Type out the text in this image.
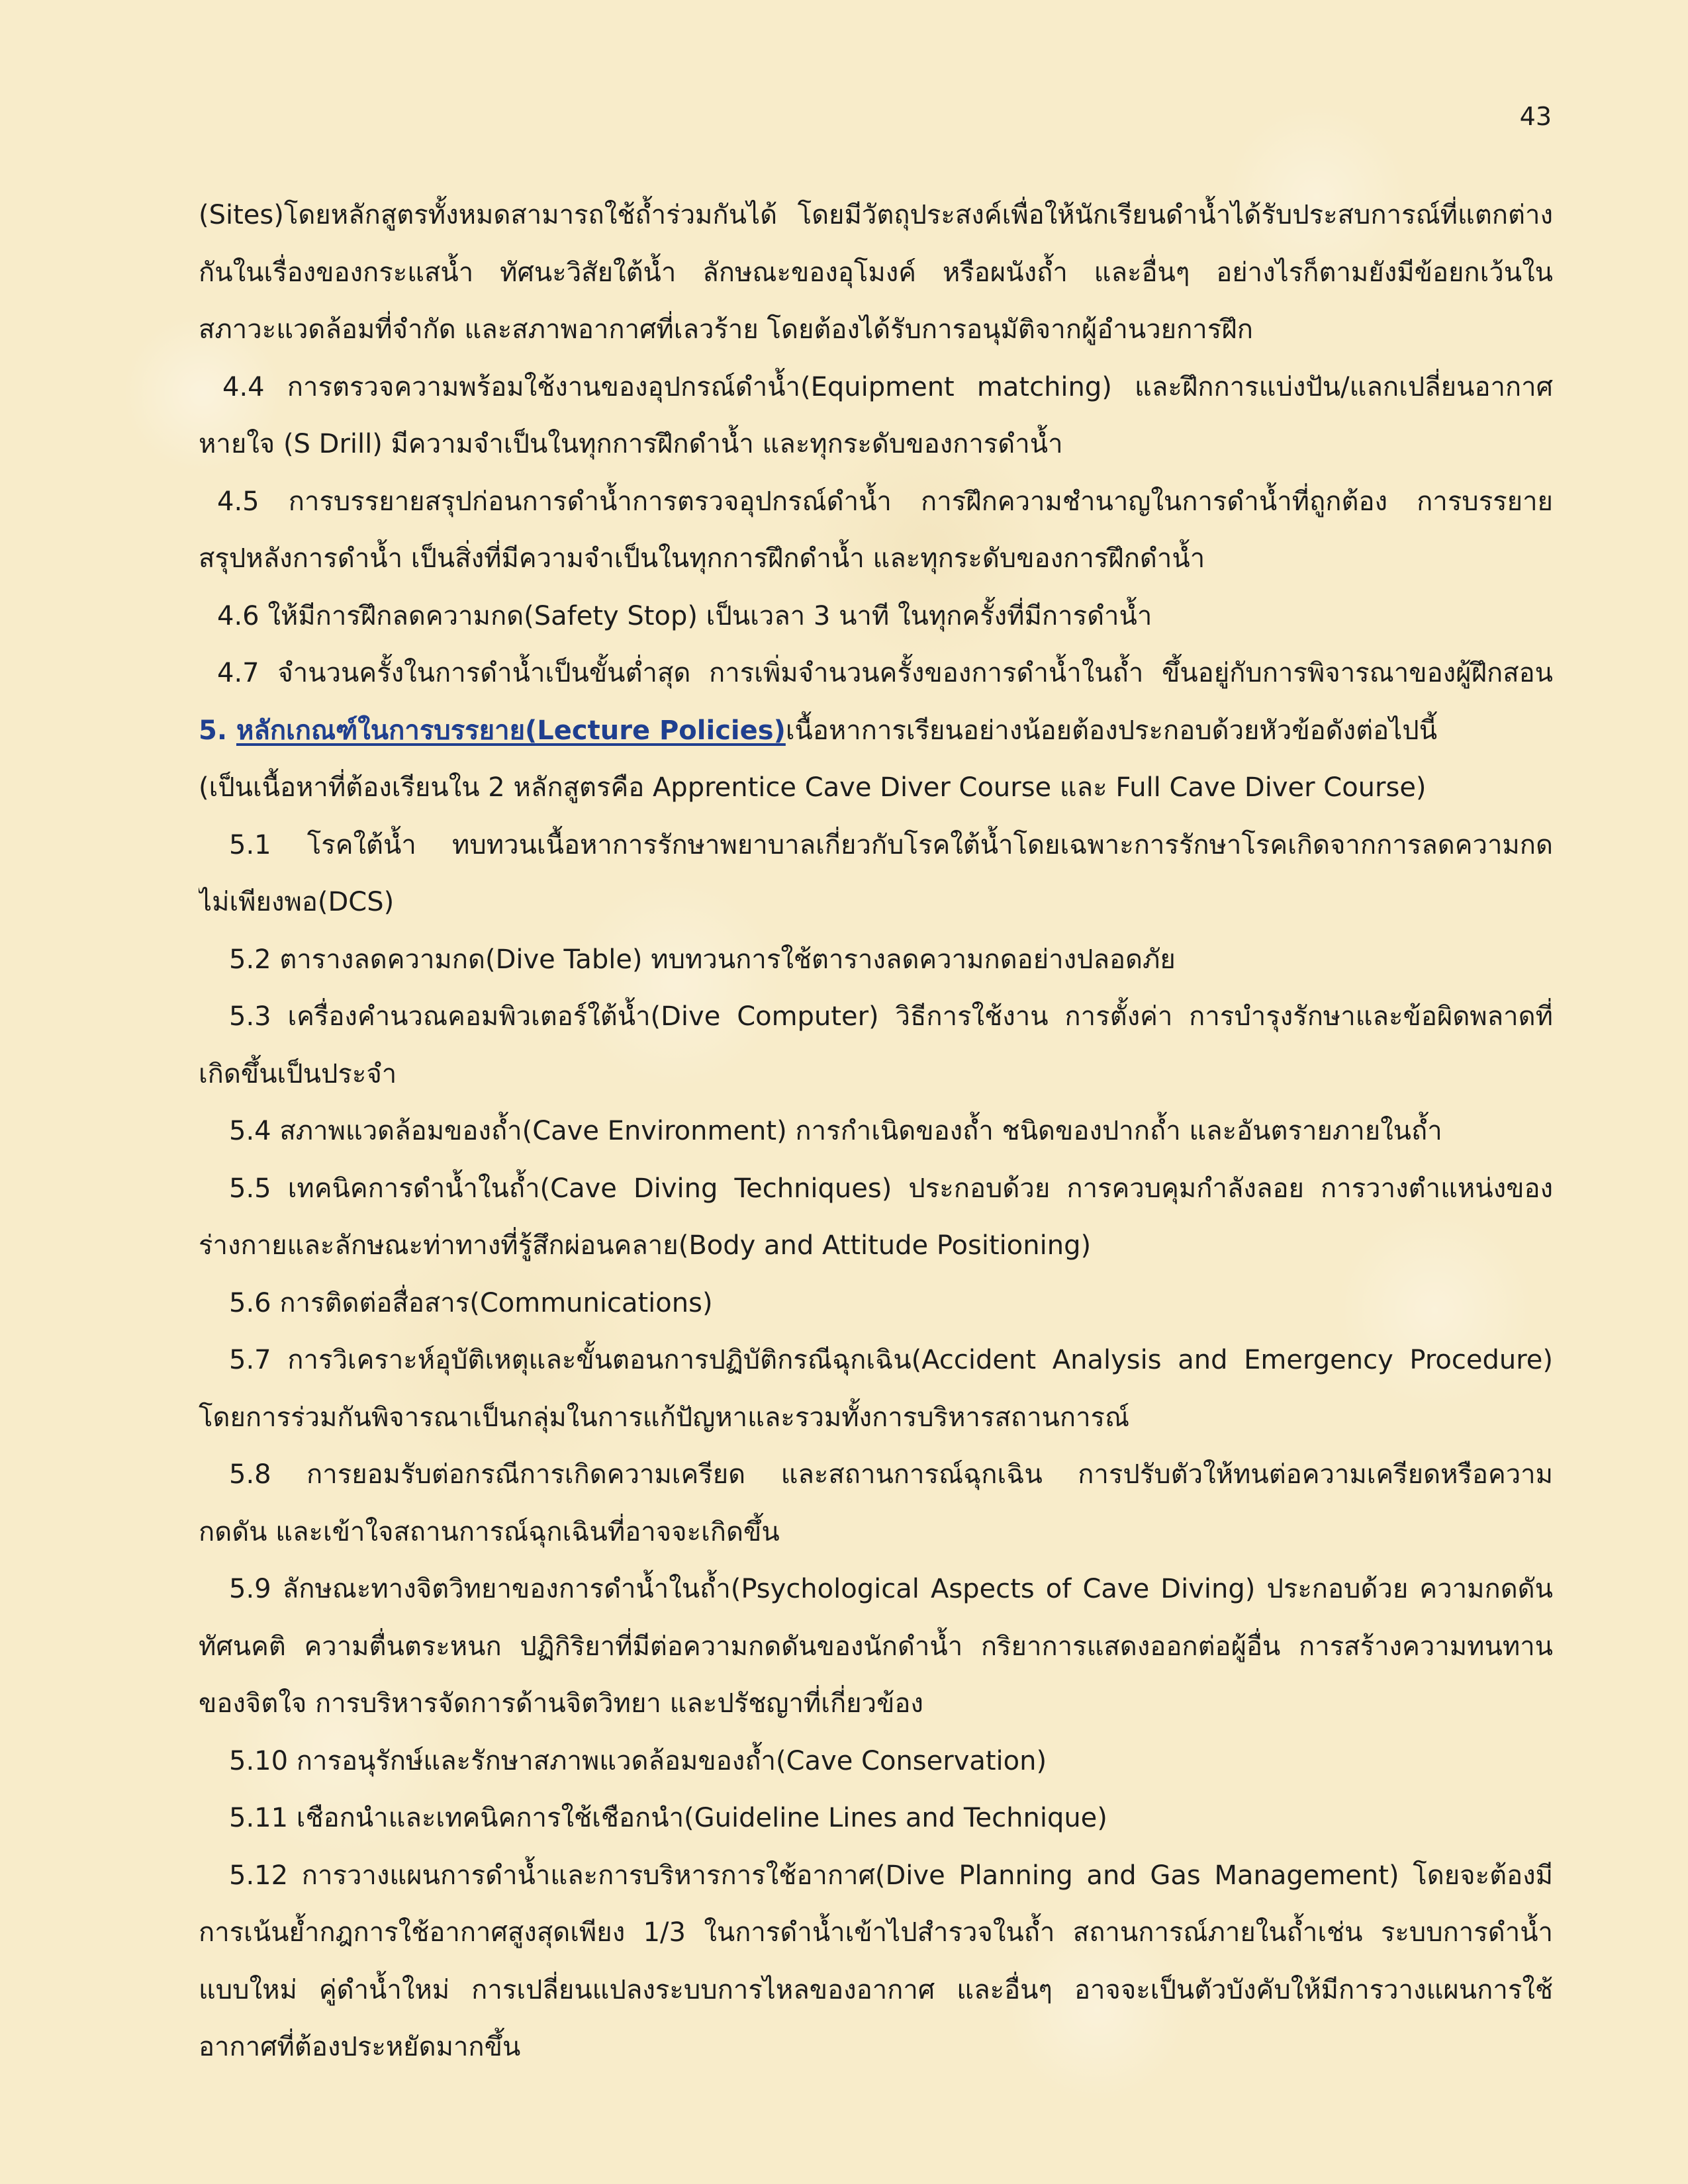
43
(Sites)โดยหลักสูตรทั้งหมดสามารถใช้ถ้ำร่วมกันได้ โดยมีวัตถุประสงค์เพื่อให้นักเรียนดำน้ำได้รับประสบการณ์ที่แตกต่าง
กันในเรื่องของกระแสน้ำ ทัศนะวิสัยใต้น้ำ ลักษณะของอุโมงค์ หรือผนังถ้ำ และอื่นๆ อย่างไรก็ตามยังมีข้อยกเว้นใน
สภาวะแวดล้อมที่จำกัด และสภาพอากาศที่เลวร้าย โดยต้องได้รับการอนุมัติจากผู้อำนวยการฝึก
4.4 การตรวจความพร้อมใช้งานของอุปกรณ์ดำน้ำ(Equipment matching) และฝึกการแบ่งปัน/แลกเปลี่ยนอากาศ
หายใจ (S Drill) มีความจำเป็นในทุกการฝึกดำน้ำ และทุกระดับของการดำน้ำ
4.5 การบรรยายสรุปก่อนการดำน้ำการตรวจอุปกรณ์ดำน้ำ การฝึกความชำนาญในการดำน้ำที่ถูกต้อง การบรรยาย
สรุปหลังการดำน้ำ เป็นสิ่งที่มีความจำเป็นในทุกการฝึกดำน้ำ และทุกระดับของการฝึกดำน้ำ
4.6 ให้มีการฝึกลดความกด(Safety Stop) เป็นเวลา 3 นาที ในทุกครั้งที่มีการดำน้ำ
4.7 จำนวนครั้งในการดำน้ำเป็นขั้นต่ำสุด การเพิ่มจำนวนครั้งของการดำน้ำในถ้ำ ขึ้นอยู่กับการพิจารณาของผู้ฝึกสอน
5. หลักเกณฑ์ในการบรรยาย(Lecture Policies)เนื้อหาการเรียนอย่างน้อยต้องประกอบด้วยหัวข้อดังต่อไปนี้
(เป็นเนื้อหาที่ต้องเรียนใน 2 หลักสูตรคือ Apprentice Cave Diver Course และ Full Cave Diver Course)
5.1 โรคใต้น้ำ ทบทวนเนื้อหาการรักษาพยาบาลเกี่ยวกับโรคใต้น้ำโดยเฉพาะการรักษาโรคเกิดจากการลดความกด
ไม่เพียงพอ(DCS)
5.2 ตารางลดความกด(Dive Table) ทบทวนการใช้ตารางลดความกดอย่างปลอดภัย
5.3 เครื่องคำนวณคอมพิวเตอร์ใต้น้ำ(Dive Computer) วิธีการใช้งาน การตั้งค่า การบำรุงรักษาและข้อผิดพลาดที่
เกิดขึ้นเป็นประจำ
5.4 สภาพแวดล้อมของถ้ำ(Cave Environment) การกำเนิดของถ้ำ ชนิดของปากถ้ำ และอันตรายภายในถ้ำ
5.5 เทคนิคการดำน้ำในถ้ำ(Cave Diving Techniques) ประกอบด้วย การควบคุมกำลังลอย การวางตำแหน่งของ
ร่างกายและลักษณะท่าทางที่รู้สึกผ่อนคลาย(Body and Attitude Positioning)
5.6 การติดต่อสื่อสาร(Communications)
5.7 การวิเคราะห์อุบัติเหตุและขั้นตอนการปฏิบัติกรณีฉุกเฉิน(Accident Analysis and Emergency Procedure)
โดยการร่วมกันพิจารณาเป็นกลุ่มในการแก้ปัญหาและรวมทั้งการบริหารสถานการณ์
5.8 การยอมรับต่อกรณีการเกิดความเครียด และสถานการณ์ฉุกเฉิน การปรับตัวให้ทนต่อความเครียดหรือความ
กดดัน และเข้าใจสถานการณ์ฉุกเฉินที่อาจจะเกิดขึ้น
5.9 ลักษณะทางจิตวิทยาของการดำน้ำในถ้ำ(Psychological Aspects of Cave Diving) ประกอบด้วย ความกดดัน
ทัศนคติ ความตื่นตระหนก ปฏิกิริยาที่มีต่อความกดดันของนักดำน้ำ กริยาการแสดงออกต่อผู้อื่น การสร้างความทนทาน
ของจิตใจ การบริหารจัดการด้านจิตวิทยา และปรัชญาที่เกี่ยวข้อง
5.10 การอนุรักษ์และรักษาสภาพแวดล้อมของถ้ำ(Cave Conservation)
5.11 เชือกนำและเทคนิคการใช้เชือกนำ(Guideline Lines and Technique)
5.12 การวางแผนการดำน้ำและการบริหารการใช้อากาศ(Dive Planning and Gas Management) โดยจะต้องมี
การเน้นย้ำกฎการใช้อากาศสูงสุดเพียง 1/3 ในการดำน้ำเข้าไปสำรวจในถ้ำ สถานการณ์ภายในถ้ำเช่น ระบบการดำน้ำ
แบบใหม่ คู่ดำน้ำใหม่ การเปลี่ยนแปลงระบบการไหลของอากาศ และอื่นๆ อาจจะเป็นตัวบังคับให้มีการวางแผนการใช้
อากาศที่ต้องประหยัดมากขึ้น
